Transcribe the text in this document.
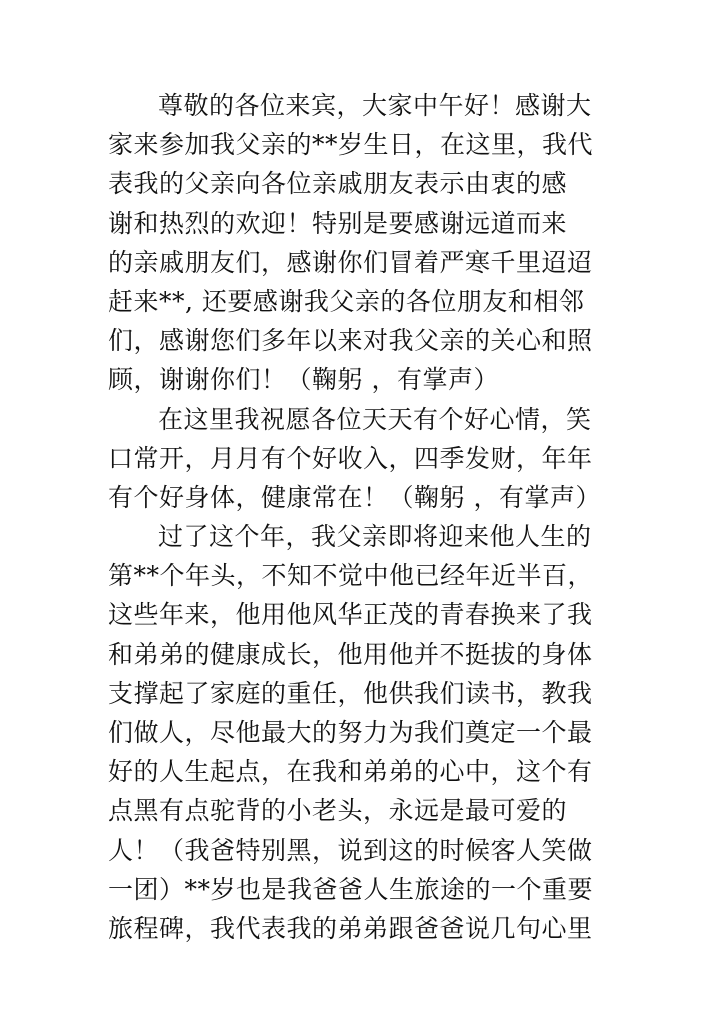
尊敬的各位来宾，大家中午好！感谢大
家来参加我父亲的**岁生日，在这里，我代
表我的父亲向各位亲戚朋友表示由衷的感
谢和热烈的欢迎！特别是要感谢远道而来
的亲戚朋友们，感谢你们冒着严寒千里迢迢
赶来**, 还要感谢我父亲的各位朋友和相邻
们，感谢您们多年以来对我父亲的关心和照
顾，谢谢你们！（鞠躬 ，有掌声）
在这里我祝愿各位天天有个好心情，笑
口常开，月月有个好收入，四季发财，年年
有个好身体，健康常在！（鞠躬 ，有掌声）
过了这个年，我父亲即将迎来他人生的
第**个年头，不知不觉中他已经年近半百，
这些年来，他用他风华正茂的青春换来了我
和弟弟的健康成长，他用他并不挺拔的身体
支撑起了家庭的重任，他供我们读书，教我
们做人，尽他最大的努力为我们奠定一个最
好的人生起点，在我和弟弟的心中，这个有
点黑有点驼背的小老头，永远是最可爱的
人！（我爸特别黑，说到这的时候客人笑做
一团）**岁也是我爸爸人生旅途的一个重要
旅程碑，我代表我的弟弟跟爸爸说几句心里
